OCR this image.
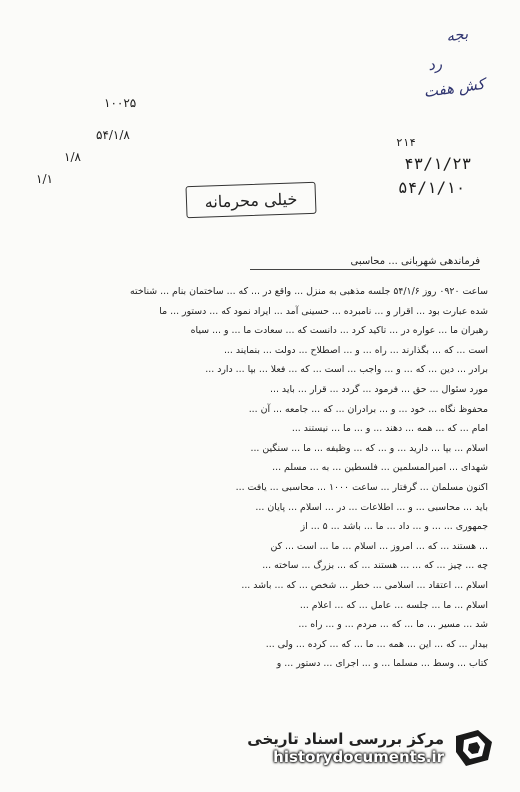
بجه
رد
کش هفت
۱۰۰۲۵
۵۴/۱/۸
۱/۸
۱/۱
۲۱۴
۴۳/۱/۲۳
۵۴/۱/۱۰
خیلی محرمانه
فرماندهی شهربانی ... محاسبی

ساعت ۰۹۲۰ روز ۵۴/۱/۶ جلسه مذهبی به منزل ... واقع در ... که ... ساختمان بنام ... شناخته

شده عبارت بود ... اقرار و ... نامبرده ... حسینی آمد ... ایراد نمود که ... دستور ... ما

رهبران ما ... عواره در ... تاکید کرد ... دانست که ... سعادت ما ... و ... سیاه

است ... که ... بگذارند ... راه ... و ... اصطلاح ... دولت ... بنمایند ...

برادر ... دین ... که ... و ... واجب ... است ... که ... فعلا ... بپا ... دارد ...

مورد سئوال ... حق ... فرمود ... گردد ... قرار ... باید ...

محفوظ نگاه ... خود ... و ... برادران ... که ... جامعه ... آن ...

امام ... که ... همه ... دهند ... و ... ما ... نیستند ...

اسلام ... بپا ... دارید ... و ... که ... وظیفه ... ما ... سنگین ...

شهدای ... امیرالمسلمین ... فلسطین ... به ... مسلم ...

اکنون مسلمان ... گرفتار ... ساعت ۱۰۰۰ ... محاسبی ... یافت ...

باید ... محاسبی ... و ... اطلاعات ... در ... اسلام ... پایان ...

جمهوری ... ... و ... داد ... ما ... باشد ... ۵ ... از

... هستند ... که ... امروز ... اسلام ... ما ... است ... کن

چه ... چیز ... که ... ... هستند ... که ... بزرگ ... ساخته ...

اسلام ... اعتقاد ... اسلامی ... خطر ... شخص ... که ... باشد ...

اسلام ... ما ... جلسه ... عامل ... که ... اعلام ...

شد ... مسیر ... ما ... که ... مردم ... و ... راه ...

بیدار ... که ... این ... همه ... ما ... که ... کرده ... ولی ...

کتاب ... وسط ... مسلما ... و ... اجرای ... دستور ... و

مرکز بررسی اسناد تاریخی
historydocuments.ir
